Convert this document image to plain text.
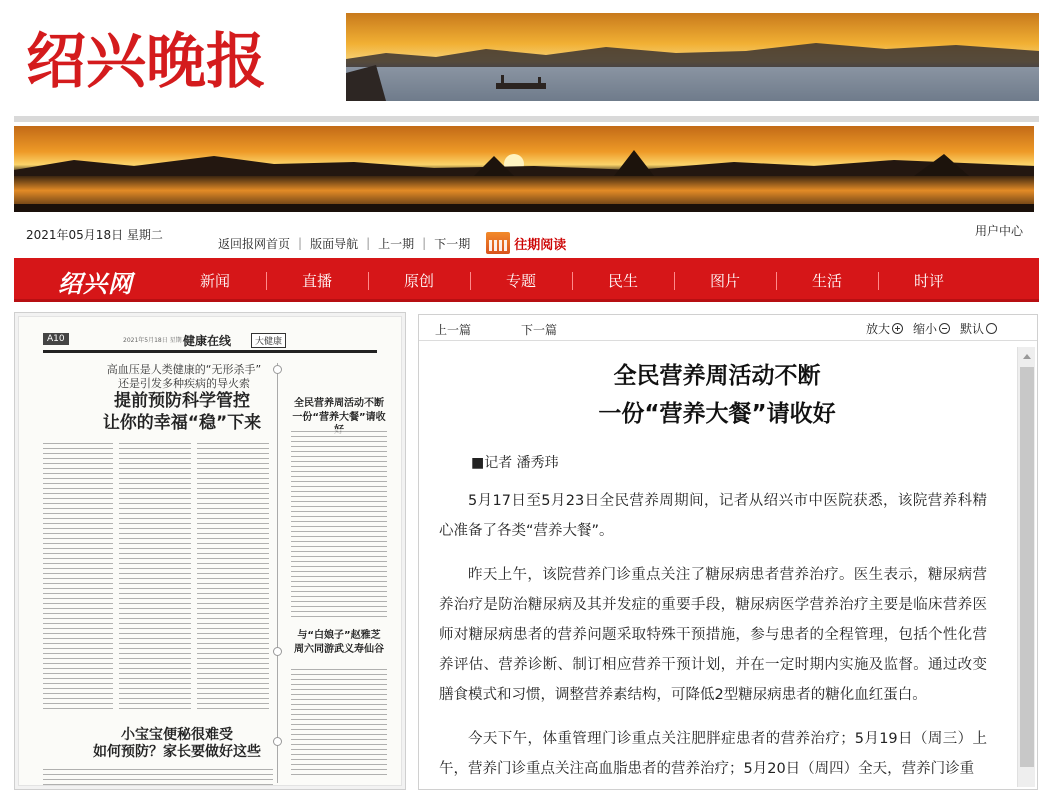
绍兴晚报
2021年05月18日 星期二
返回报网首页 | 版面导航 | 上一期 | 下一期	往期阅读
用户中心
绍兴网	新闻	直播	原创	专题	民生	图片	生活	时评
A10	2021年5月18日 星期二
健康在线	大健康
高血压是人类健康的“无形杀手”
还是引发多种疾病的导火索
提前预防科学管控
让你的幸福“稳”下来
全民营养周活动不断
一份“营养大餐”请收
与“白娘子”赵雅芝
周六同游武义寿仙谷
小宝宝便秘很难受
如何预防？家长要做好这些
上一篇	下一篇	放大 缩小 默认
全民营养周活动不断
一份“营养大餐”请收好
■记者 潘秀玮

5月17日至5月23日全民营养周期间，记者从绍兴市中医院获悉，该院营养科精心准备了各类“营养大餐”。

昨天上午，该院营养门诊重点关注了糖尿病患者营养治疗。医生表示，糖尿病营养治疗是防治糖尿病及其并发症的重要手段，糖尿病医学营养治疗主要是临床营养医师对糖尿病患者的营养问题采取特殊干预措施，参与患者的全程管理，包括个性化营养评估、营养诊断、制订相应营养干预计划，并在一定时期内实施及监督。通过改变膳食模式和习惯，调整营养素结构，可降低2型糖尿病患者的糖化血红蛋白。

今天下午，体重管理门诊重点关注肥胖症患者的营养治疗；5月19日（周三）上午，营养门诊重点关注高血脂患者的营养治疗；5月20日（周四）全天，营养门诊重
